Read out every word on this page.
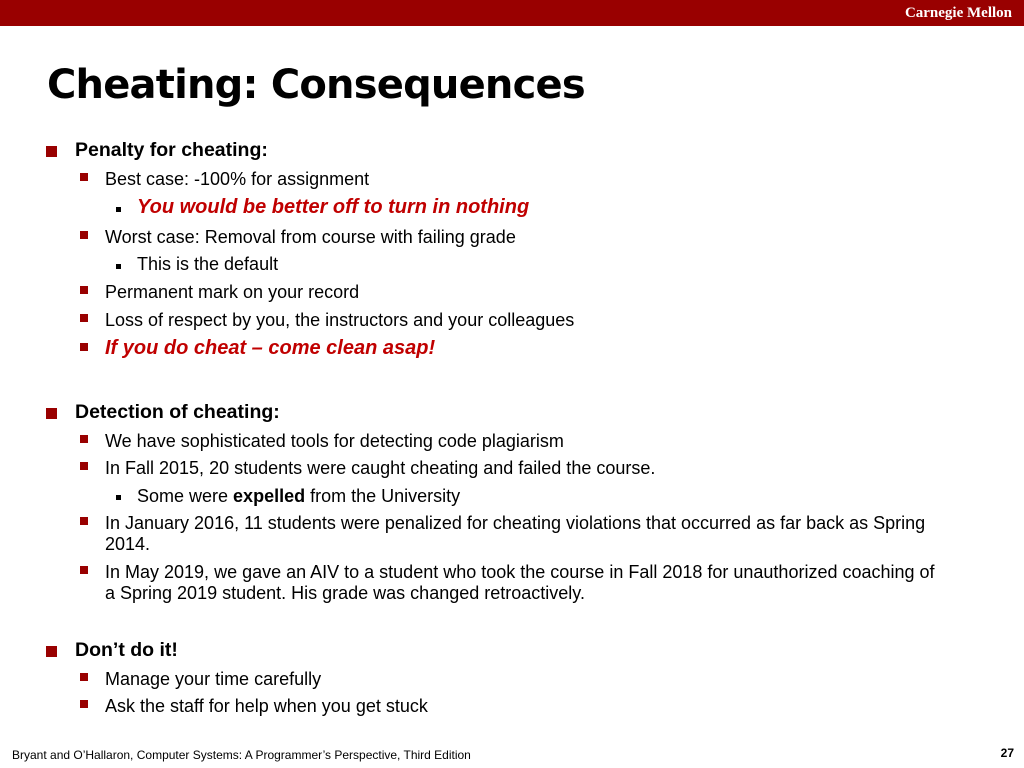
Carnegie Mellon
Cheating: Consequences
Penalty for cheating:
Best case: -100% for assignment
You would be better off to turn in nothing
Worst case: Removal from course with failing grade
This is the default
Permanent mark on your record
Loss of respect by you, the instructors and your colleagues
If you do cheat – come clean asap!
Detection of cheating:
We have sophisticated tools for detecting code plagiarism
In Fall 2015, 20 students were caught cheating and failed the course.
Some were expelled from the University
In January 2016, 11 students were penalized for cheating violations that occurred as far back as Spring 2014.
In May 2019, we gave an AIV to a student who took the course in Fall 2018 for unauthorized coaching of a Spring 2019 student. His grade was changed retroactively.
Don’t do it!
Manage your time carefully
Ask the staff for help when you get stuck
Bryant and O’Hallaron, Computer Systems: A Programmer’s Perspective, Third Edition	27
